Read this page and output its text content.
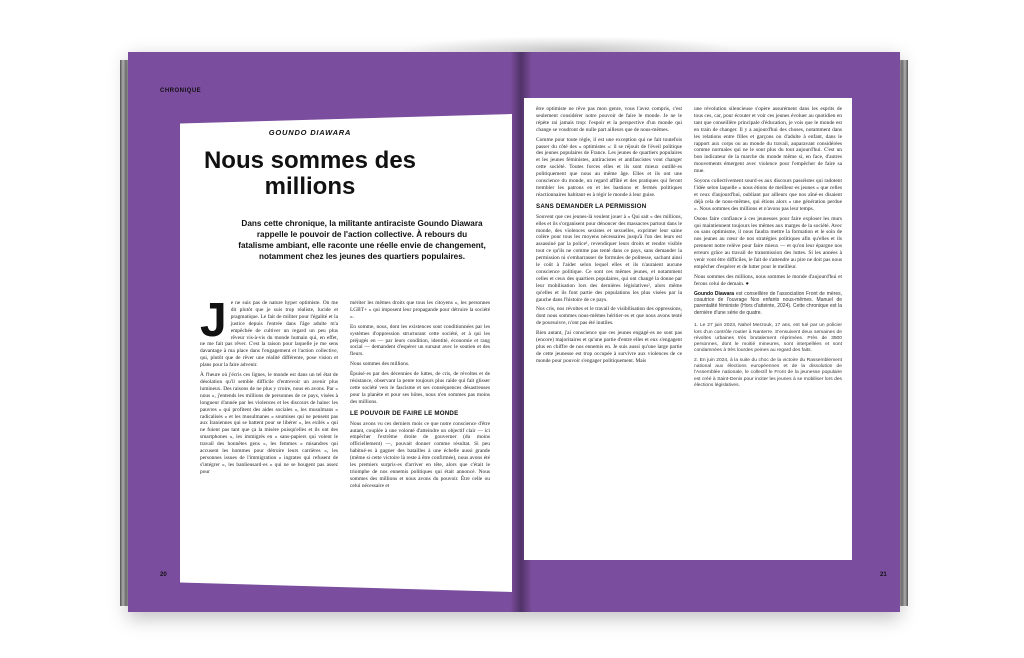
CHRONIQUE
20	21
GOUNDO DIAWARA
Nous sommes des millions
Dans cette chronique, la militante antiraciste Goundo Diawara rappelle le pouvoir de l'action collective. À rebours du fatalisme ambiant, elle raconte une réelle envie de changement, notamment chez les jeunes des quartiers populaires.
J e ne suis pas de nature hyper optimiste. On me dit plutôt que je suis trop réaliste, lucide et pragmatique. Le fait de militer pour l'égalité et la justice depuis l'entrée dans l'âge adulte m'a empêchée de cultiver un regard un peu plus rêveur vis-à-vis du monde humain qui, en effet, ne me fait pas rêver. C'est la raison pour laquelle je me sens davantage à ma place dans l'engagement et l'action collective, qui, plutôt que de rêver une réalité différente, pose vision et plans pour la faire advenir.

À l'heure où j'écris ces lignes, le monde est dans un tel état de désolation qu'il semble difficile d'entrevoir un avenir plus lumineux. Des raisons de ne plus y croire, nous en avons. Par « nous », j'entends les millions de personnes de ce pays, visées à longueur d'année par les violences et les discours de haine: les pauvres « qui profitent des aides sociales », les musulmans « radicalisés » et les musulmanes « soumises qui ne pensent pas aux Iraniennes qui se battent pour se libérer », les exilés « qui ne fuient pas tant que ça la misère puisqu'elles et ils ont des smartphones », les immigrés en « sans-papiers qui volent le travail des honnêtes gens », les femmes « misandres qui accusent les hommes pour détruire leurs carrières », les personnes issues de l'immigration « ingrates qui refusent de s'intégrer », les banlieusard·es « qui ne se bougent pas assez pour

mériter les mêmes droits que tous les citoyens », les personnes LGBT+ « qui imposent leur propagande pour détruire la société ».

En somme, nous, dont les existences sont conditionnées par les systèmes d'oppression structurant cette société, et à qui les préjugés en — par leurs condition, identité, économie et rang social — demandent d'espérer un sursaut avec le soutien et des fleurs.

Nous sommes des millions.

Épuisé·es par des décennies de luttes, de cris, de révoltes et de résistance, observant la pente toujours plus raide qui fait glisser cette société vers le fascisme et ses conséquences désastreuses pour la planète et pour ses hôtes, nous n'en sommes pas moins des millions.

LE POUVOIR DE FAIRE LE MONDE

Nous avons vu ces derniers mois ce que notre conscience d'être autant, couplée à une volonté d'atteindre un objectif clair — ici empêcher l'extrême droite de gouverner (du moins officiellement) —, pouvait donner comme résultat. Si peu habitué·es à gagner des batailles à une échelle aussi grande (même si cette victoire là reste à être confirmée), nous avons été les premiers surpris·es d'arriver en tête, alors que c'était le triomphe de nos ennemis politiques qui était annoncé. Nous sommes des millions et nous avons du pouvoir. Être celle ou celui nécessaire et

être optimiste ne rêve pas mon genre, vous l'avez compris, c'est seulement considérer notre pouvoir de faire le monde. Je ne le répète rai jamais trop: l'espoir et la perspective d'un monde qui change se voudront de nulle part ailleurs que de nous-mêmes.

Comme pour toute règle, il est une exception qui ne fait toutefois passer du côté des « optimistes »: il se réjouit de l'éveil politique des jeunes populaires de France. Les jeunes de quartiers populaires et les jeunes féministes, antiracistes et antifascistes vont changer cette société. Toutes forces elles et ils sont mieux outillé·es politiquement que nous au même âge. Elles et ils ont une conscience du monde, un regard affûté et des pratiques qui feront trembler les patrons en et les bastions et fermés politiques réactionnaires habitant·es à régir le monde à leur guise.

SANS DEMANDER LA PERMISSION

Souvent que ces jeunes-là veulent jouer à « Qui sait » des millions, elles et ils s'organisent pour dénoncer des massacres partout dans le monde, des violences sexistes et sexuelles, exprimer leur saine colère pour tous les moyens nécessaires jusqu'à l'un des leurs est assassiné par la police¹, revendiquer leurs droits et rendre visible tout ce qu'ils ne comme pas tenté dans ce pays, sans demander la permission ni s'embarrasser de formules de politesse, sachant ainsi le coût à l'aider selon lequel elles et ils n'auraient aucune conscience politique. Ce sont ces mêmes jeunes, et notamment celles et ceux des quartiers populaires, qui ont changé la donne par leur mobilisation lors des dernières législatives², alors même qu'elles et ils font partie des populations les plus visées par la gauche dans l'histoire de ce pays.

Nos cris, nos révoltes et le travail de visibilisation des oppressions, dont nous sommes nous-mêmes héritier·es et que nous avons tenté de poursuivre, n'ont pas été inutiles.

Bien autant, j'ai conscience que ces jeunes engagé·es ne sont pas (encore) majoritaires et qu'une partie d'entre elles et eux s'engagent plus en chiffre de nos ennemis en. Je suis aussi qu'une large partie de cette jeunesse est trop occupée à survivre aux violences de ce monde pour pouvoir s'engager politiquement. Mais

une révolution silencieuse s'opère assurément dans les esprits de tous ces, car, pour écouter et voir ces jeunes évoluer au quotidien en tant que conseillère principale d'éducation, je vois que le monde est en train de changer. Il y a aujourd'hui des choses, notamment dans les relations entre filles et garçons ou d'adulte à enfant, dans le rapport aux corps ou au monde du travail, auparavant considérées comme normales qui ne le sont plus du tout aujourd'hui. C'est un bon indicateur de la marche du monde même si, en face, d'autres mouvements émergent avec violence pour l'empêcher de faire sa mue.

Soyons collectivement sourd·es aux discours passéistes qui radotent l'idée selon laquelle « nous étions de meilleur·es jeunes » que celles et ceux d'aujourd'hui, oubliant par ailleurs que nos aîné·es disaient déjà cela de nous-mêmes, qui étions alors « une génération perdue ». Nous sommes des millions et n'avons pas leur temps.

Osons faire confiance à ces jeunesses pour faire exploser les murs qui maintiennent toujours les mêmes aux marges de la société. Avec ou sans optimisme, il nous faudra mettre la formation et le soin de nos jeunes au cœur de nos stratégies politiques afin qu'elles et ils prennent notre relève pour faire mieux — et qu'on leur épargne nos erreurs grâce au travail de transmission des luttes. Si les années à venir vont être difficiles, le fait de s'attendre au pire ne doit pas nous empêcher d'espérer et de lutter pour le meilleur.

Nous sommes des millions, nous sommes le monde d'aujourd'hui et ferons celui de demain. ●

Goundo Diawara est conseillère de l'association Front de mères, coautrice de l'ouvrage Nos enfants nous-mêmes. Manuel de parentalité féministe (Hors d'atteinte, 2024). Cette chronique est la dernière d'une série de quatre.

1. Le 27 juin 2023, Nahel Merzouk, 17 ans, est tué par un policier lors d'un contrôle routier à Nanterre. S'ensuivent deux semaines de révoltes urbaines très brutalement réprimées. Près de 3500 personnes, dont le moitié mineures, sont interpellées et sont condamnées à très lourdes peines au regard des faits.

2. En juin 2024, à la suite du choc de la victoire du Rassemblement national aux élections européennes et de la dissolution de l'Assemblée nationale, le collectif le Front de la jeunesse populaire est créé à Saint-Denis pour inciter les jeunes à se mobiliser lors des élections législatives.
